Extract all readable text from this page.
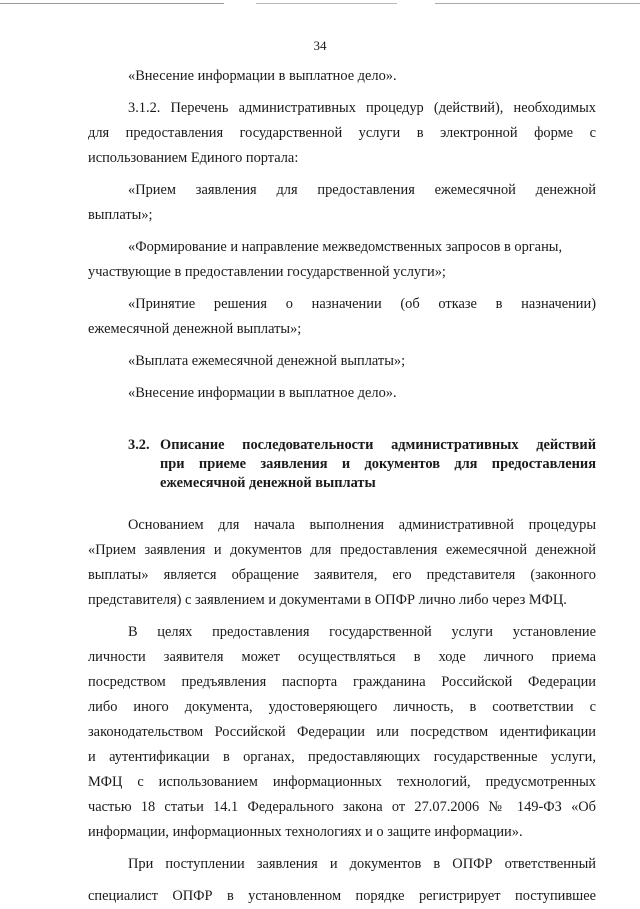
34

«Внесение информации в выплатное дело».

3.1.2. Перечень административных процедур (действий), необходимых

для предоставления государственной услуги в электронной форме с

использованием Единого портала:

«Прием заявления для предоставления ежемесячной денежной

выплаты»;

«Формирование и направление межведомственных запросов в органы,

участвующие в предоставлении государственной услуги»;

«Принятие решения о назначении (об отказе в назначении)

ежемесячной денежной выплаты»;

«Выплата ежемесячной денежной выплаты»;

«Внесение информации в выплатное дело».

3.2. Описание последовательности административных действий
при приеме заявления и документов для предоставления
ежемесячной денежной выплаты

Основанием для начала выполнения административной процедуры

«Прием заявления и документов для предоставления ежемесячной денежной

выплаты» является обращение заявителя, его представителя (законного

представителя) с заявлением и документами в ОПФР лично либо через МФЦ.

В целях предоставления государственной услуги установление

личности заявителя может осуществляться в ходе личного приема

посредством предъявления паспорта гражданина Российской Федерации

либо иного документа, удостоверяющего личность, в соответствии с

законодательством Российской Федерации или посредством идентификации

и аутентификации в органах, предоставляющих государственные услуги,

МФЦ с использованием информационных технологий, предусмотренных

частью 18 статьи 14.1 Федерального закона от 27.07.2006 № 149-ФЗ «Об

информации, информационных технологиях и о защите информации».

При поступлении заявления и документов в ОПФР ответственный

специалист ОПФР в установленном порядке регистрирует поступившее
